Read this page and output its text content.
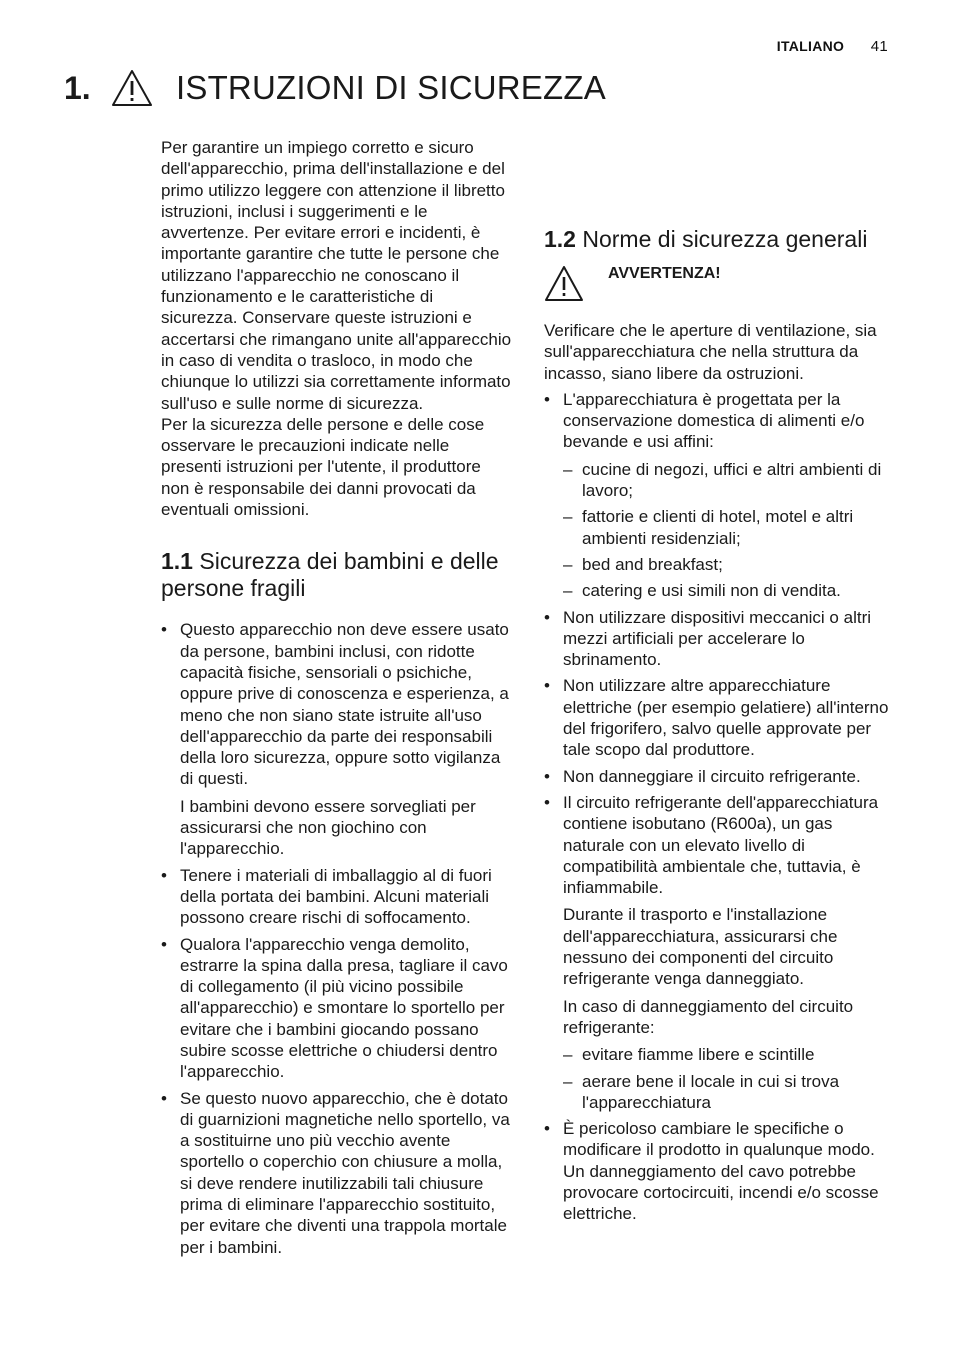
ITALIANO 41
1.	ISTRUZIONI DI SICUREZZA

Per garantire un impiego corretto e sicuro dell'apparecchio, prima dell'installazione e del primo utilizzo leggere con attenzione il libretto istruzioni, inclusi i suggerimenti e le avvertenze. Per evitare errori e incidenti, è importante garantire che tutte le persone che utilizzano l'apparecchio ne conoscano il funzionamento e le caratteristiche di sicurezza. Conservare queste istruzioni e accertarsi che rimangano unite all'apparecchio in caso di vendita o trasloco, in modo che chiunque lo utilizzi sia correttamente informato sull'uso e sulle norme di sicurezza.

Per la sicurezza delle persone e delle cose osservare le precauzioni indicate nelle presenti istruzioni per l'utente, il produttore non è responsabile dei danni provocati da eventuali omissioni.

1.1 Sicurezza dei bambini e delle persone fragili
• Questo apparecchio non deve essere usato da persone, bambini inclusi, con ridotte capacità fisiche, sensoriali o psichiche, oppure prive di conoscenza e esperienza, a meno che non siano state istruite all'uso dell'apparecchio da parte dei responsabili della loro sicurezza, oppure sotto vigilanza di questi.

I bambini devono essere sorvegliati per assicurarsi che non giochino con l'apparecchio.

• Tenere i materiali di imballaggio al di fuori della portata dei bambini. Alcuni materiali possono creare rischi di soffocamento.
• Qualora l'apparecchio venga demolito, estrarre la spina dalla presa, tagliare il cavo di collegamento (il più vicino possibile all'apparecchio) e smontare lo sportello per evitare che i bambini giocando possano subire scosse elettriche o chiudersi dentro l'apparecchio.
• Se questo nuovo apparecchio, che è dotato di guarnizioni magnetiche nello sportello, va a sostituirne uno più vecchio avente sportello o coperchio con chiusure a molla, si deve rendere inutilizzabili tali chiusure prima di eliminare l'apparecchio sostituito, per evitare che diventi una trappola mortale per i bambini.
1.2 Norme di sicurezza generali
AVVERTENZA!

Verificare che le aperture di ventilazione, sia sull'apparecchiatura che nella struttura da incasso, siano libere da ostruzioni.

• L'apparecchiatura è progettata per la conservazione domestica di alimenti e/o bevande e usi affini:
– cucine di negozi, uffici e altri ambienti di lavoro;
– fattorie e clienti di hotel, motel e altri ambienti residenziali;
– bed and breakfast;
– catering e usi simili non di vendita.
• Non utilizzare dispositivi meccanici o altri mezzi artificiali per accelerare lo sbrinamento.
• Non utilizzare altre apparecchiature elettriche (per esempio gelatiere) all'interno del frigorifero, salvo quelle approvate per tale scopo dal produttore.
• Non danneggiare il circuito refrigerante.
• Il circuito refrigerante dell'apparecchiatura contiene isobutano (R600a), un gas naturale con un elevato livello di compatibilità ambientale che, tuttavia, è infiammabile.

Durante il trasporto e l'installazione dell'apparecchiatura, assicurarsi che nessuno dei componenti del circuito refrigerante venga danneggiato.

In caso di danneggiamento del circuito refrigerante:

– evitare fiamme libere e scintille
– aerare bene il locale in cui si trova l'apparecchiatura
• È pericoloso cambiare le specifiche o modificare il prodotto in qualunque modo. Un danneggiamento del cavo potrebbe provocare cortocircuiti, incendi e/o scosse elettriche.
